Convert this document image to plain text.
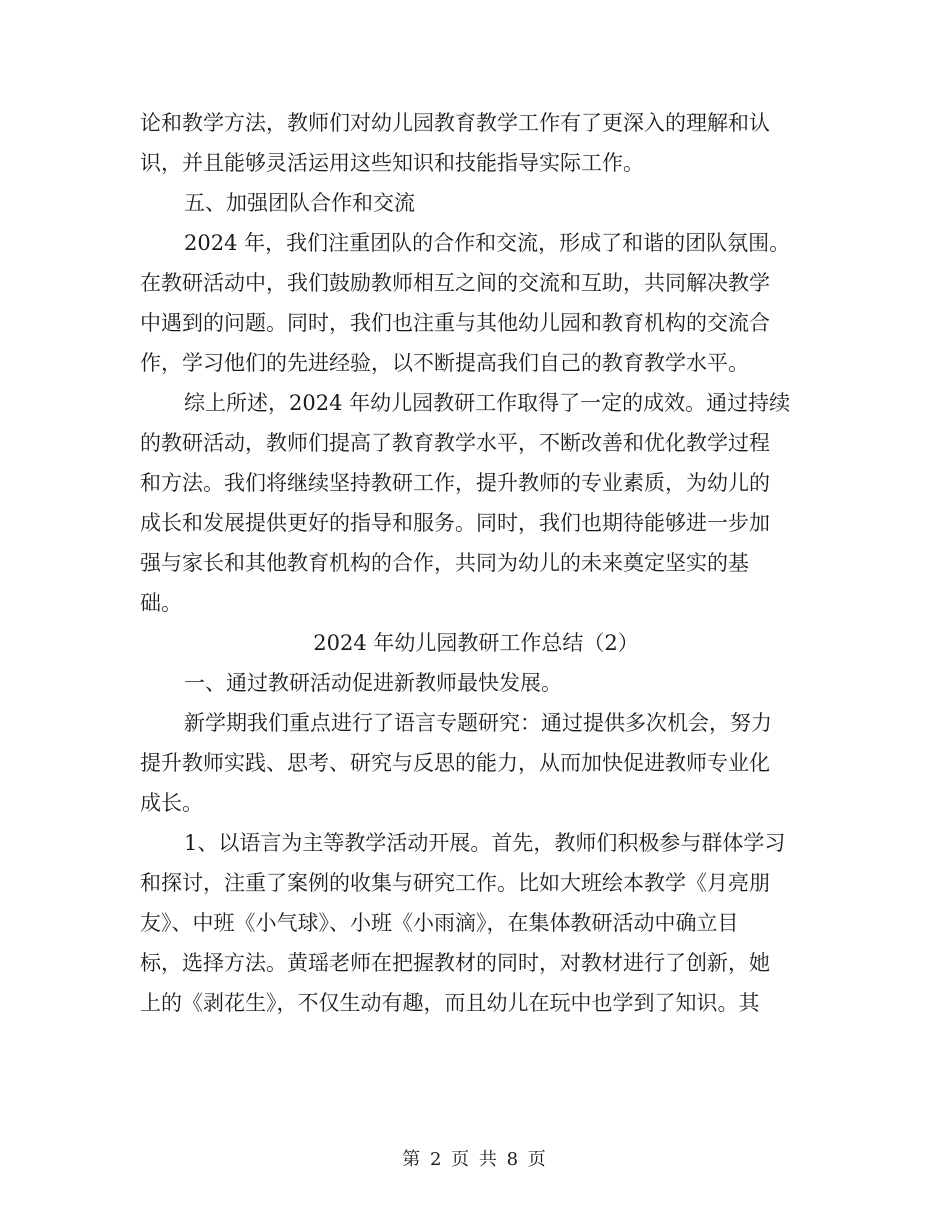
论和教学方法，教师们对幼儿园教育教学工作有了更深入的理解和认
识，并且能够灵活运用这些知识和技能指导实际工作。
五、加强团队合作和交流
2024 年，我们注重团队的合作和交流，形成了和谐的团队氛围。
在教研活动中，我们鼓励教师相互之间的交流和互助，共同解决教学
中遇到的问题。同时，我们也注重与其他幼儿园和教育机构的交流合
作，学习他们的先进经验，以不断提高我们自己的教育教学水平。
综上所述，2024 年幼儿园教研工作取得了一定的成效。通过持续
的教研活动，教师们提高了教育教学水平，不断改善和优化教学过程
和方法。我们将继续坚持教研工作，提升教师的专业素质，为幼儿的
成长和发展提供更好的指导和服务。同时，我们也期待能够进一步加
强与家长和其他教育机构的合作，共同为幼儿的未来奠定坚实的基
础。
2024 年幼儿园教研工作总结（2）
一、通过教研活动促进新教师最快发展。
新学期我们重点进行了语言专题研究：通过提供多次机会，努力
提升教师实践、思考、研究与反思的能力，从而加快促进教师专业化
成长。
1、以语言为主等教学活动开展。首先，教师们积极参与群体学习
和探讨，注重了案例的收集与研究工作。比如大班绘本教学《月亮朋
友》、中班《小气球》、小班《小雨滴》，在集体教研活动中确立目
标，选择方法。黄瑶老师在把握教材的同时，对教材进行了创新，她
上的《剥花生》，不仅生动有趣，而且幼儿在玩中也学到了知识。其
第 2 页 共 8 页
